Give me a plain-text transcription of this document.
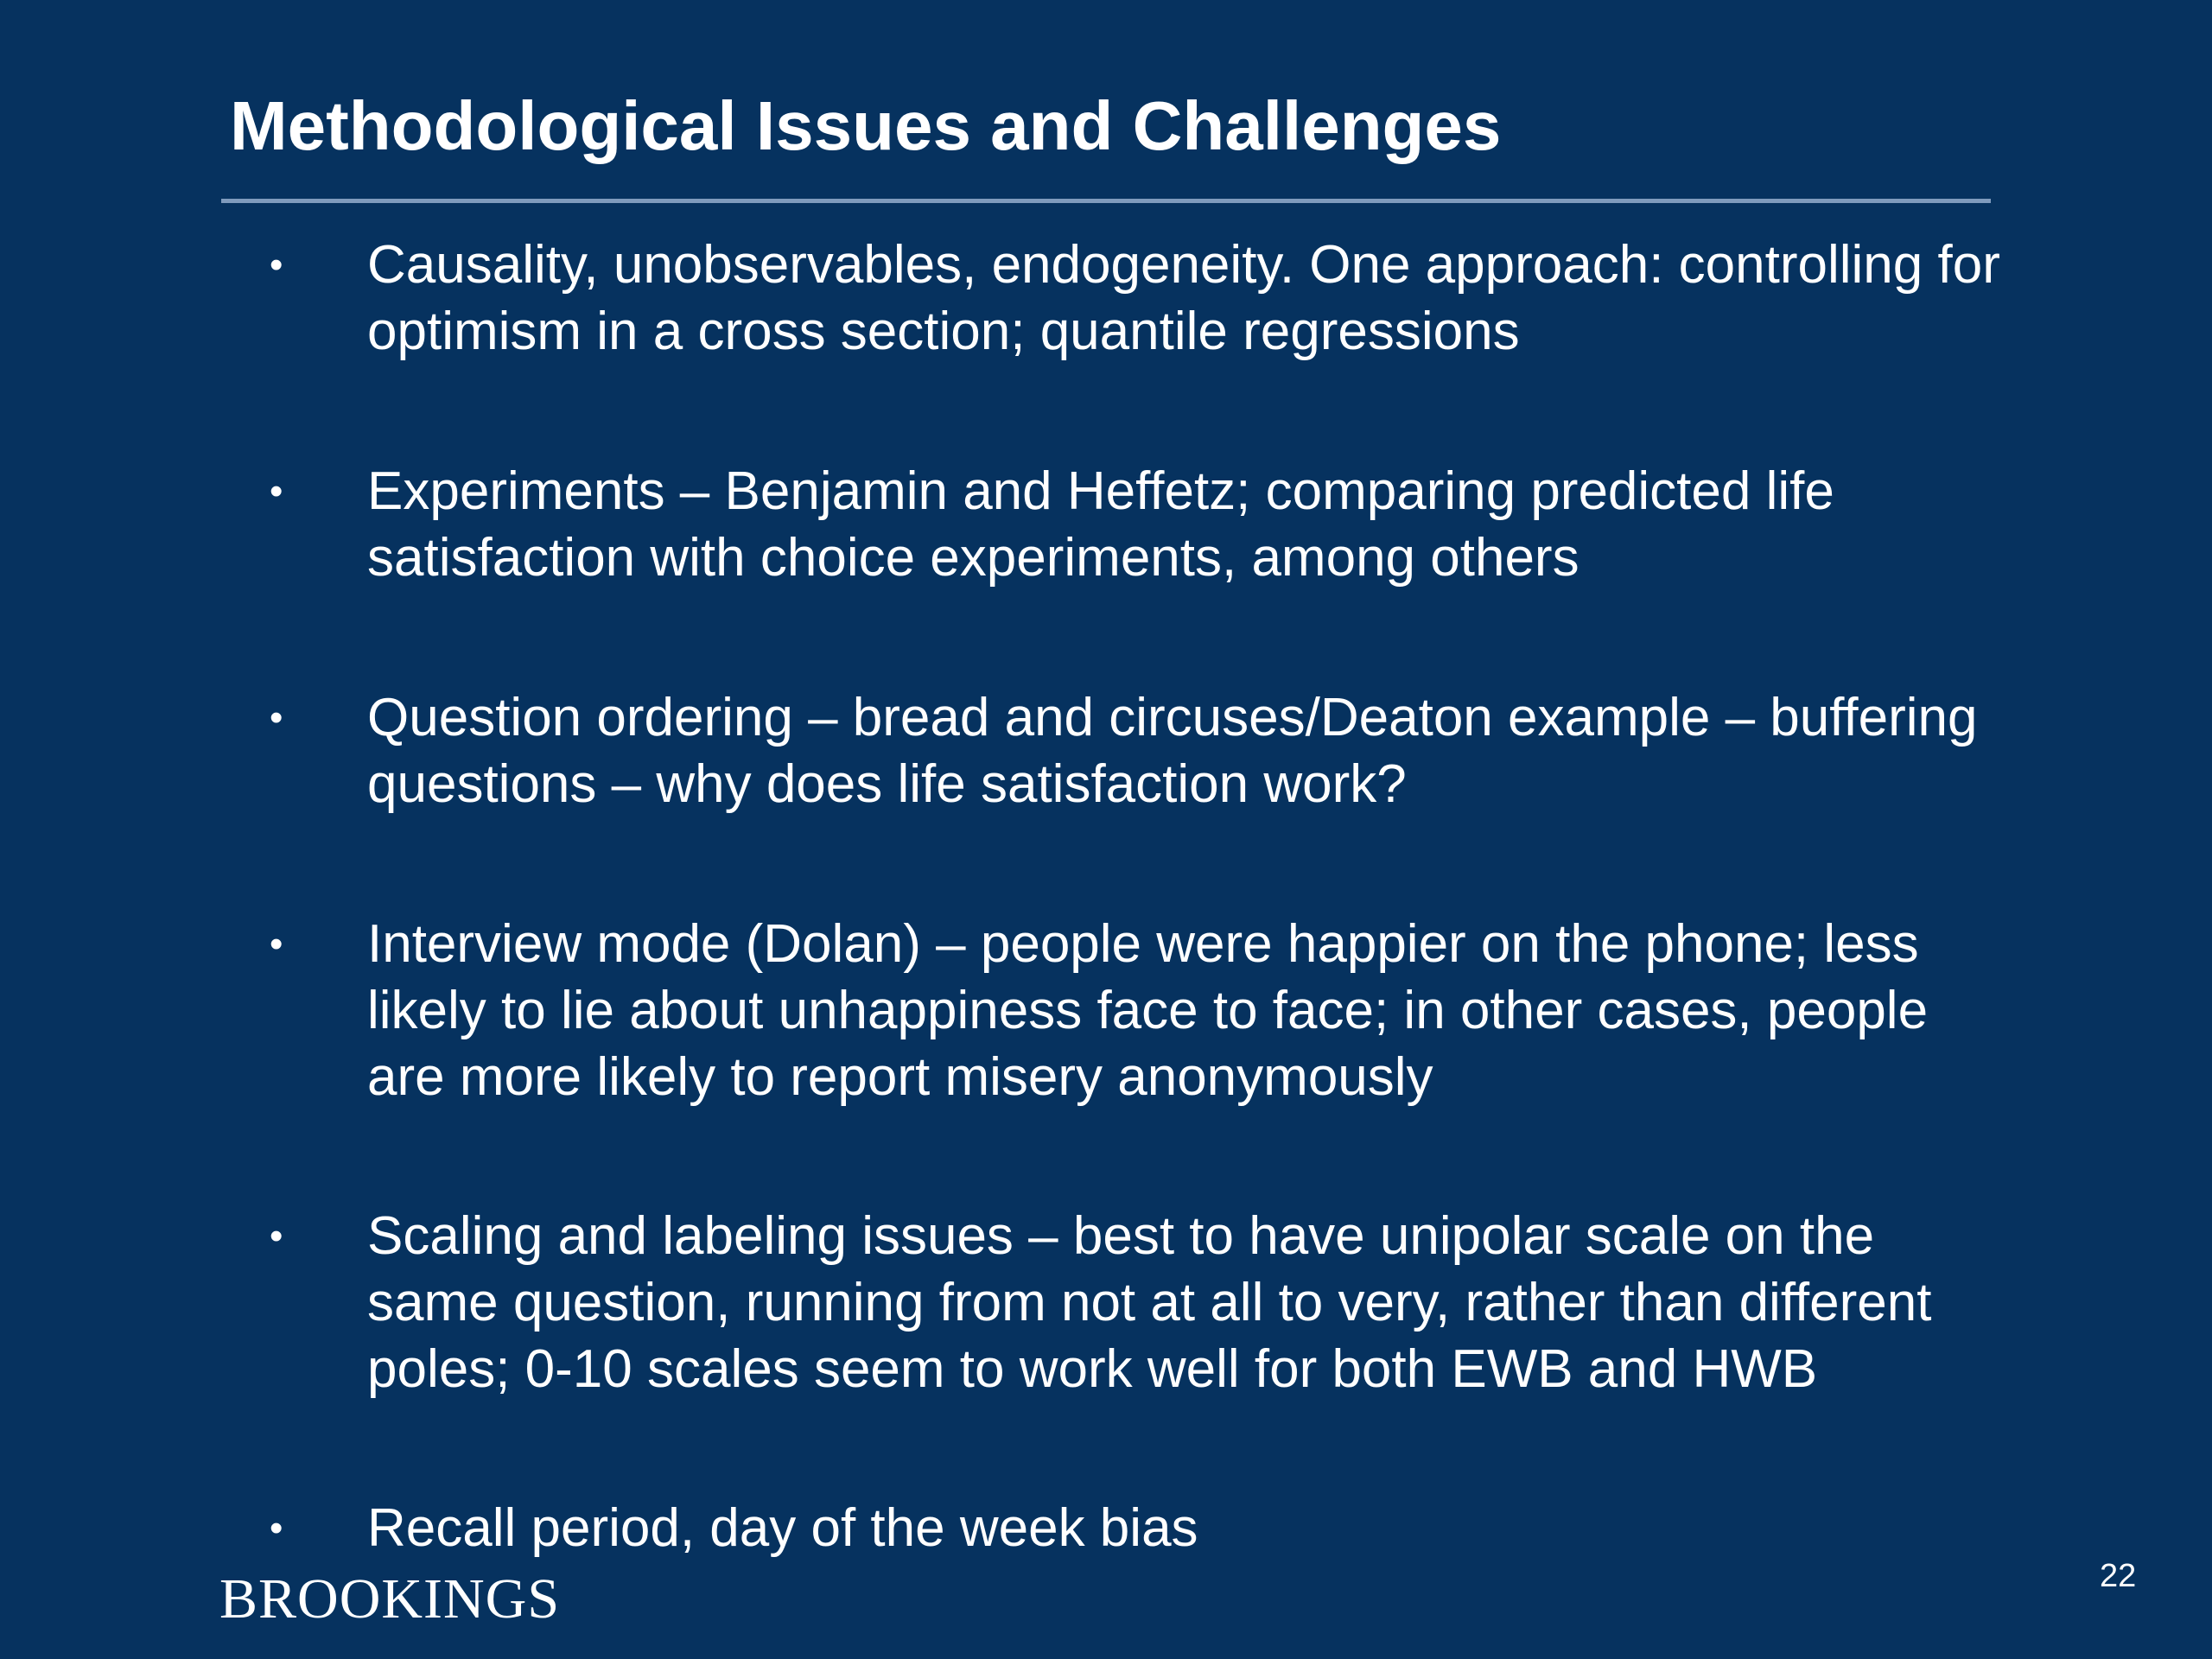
Methodological Issues and Challenges
•	Causality, unobservables, endogeneity. One approach: controlling for optimism in a cross section; quantile regressions
•	Experiments – Benjamin and Heffetz; comparing predicted life satisfaction with choice experiments, among others
•	Question ordering – bread and circuses/Deaton example – buffering questions – why does life satisfaction work?
•	Interview mode (Dolan) – people were happier on the phone; less likely to lie about unhappiness face to face; in other cases, people are more likely to report misery anonymously
•	Scaling and labeling issues – best to have unipolar scale on the same question, running from not at all to very, rather than different poles; 0-10 scales seem to work well for both EWB and HWB
•	Recall period, day of the week bias
BROOKINGS	22
